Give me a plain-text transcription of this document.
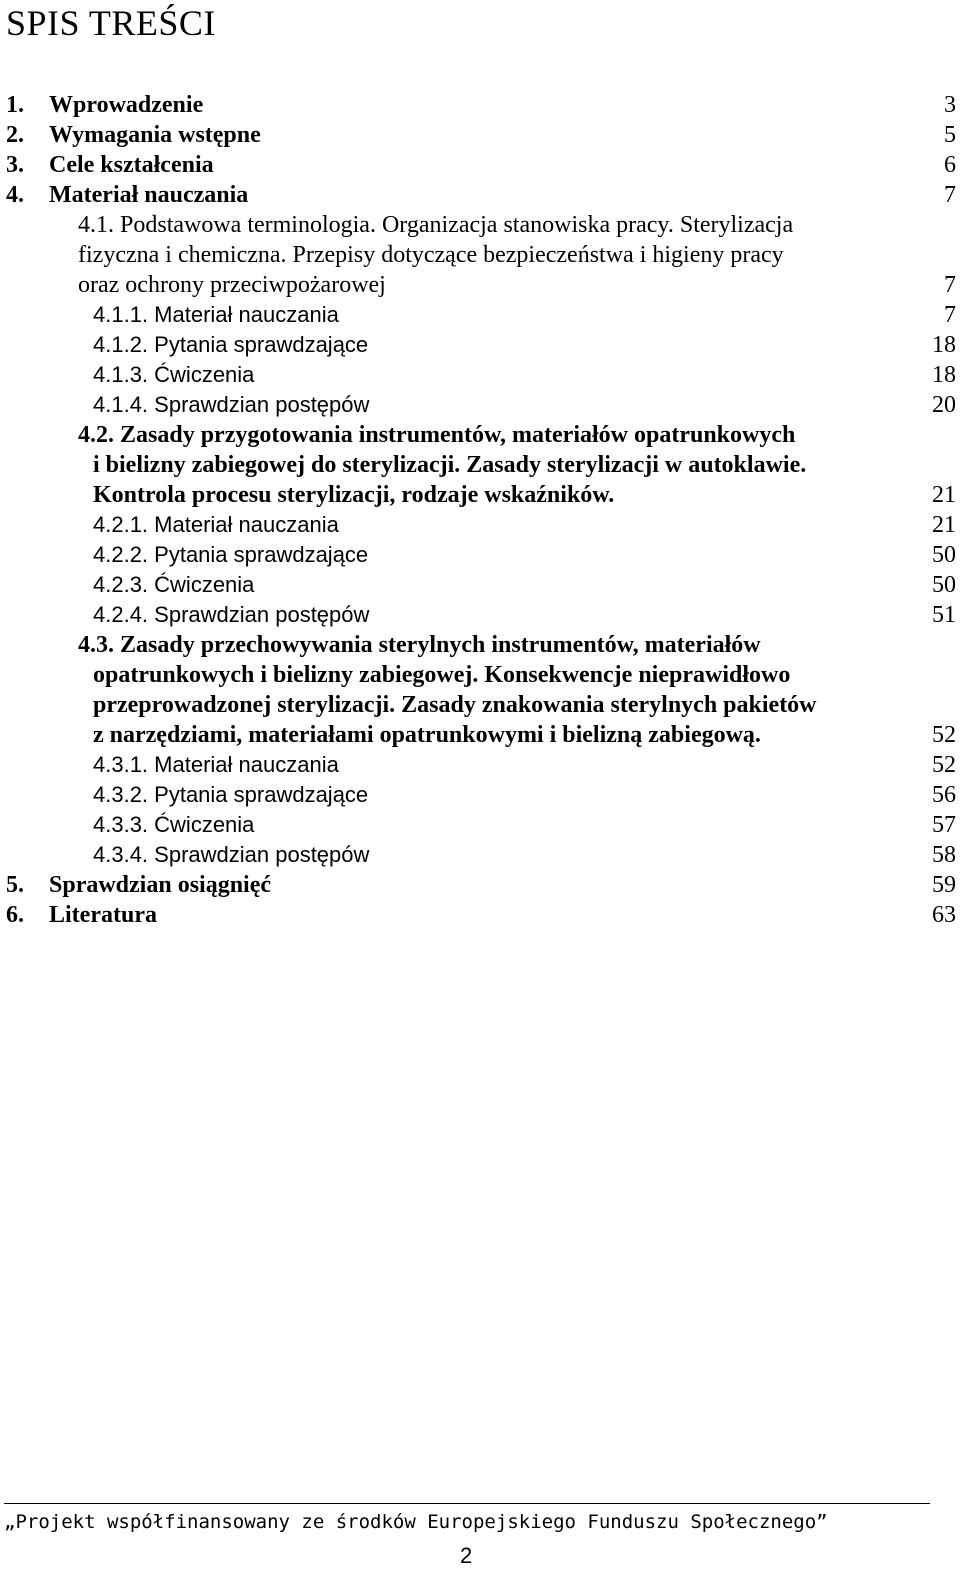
SPIS TREŚCI
1. Wprowadzenie	3
2. Wymagania wstępne	5
3. Cele kształcenia	6
4. Materiał nauczania	7
4.1. Podstawowa terminologia. Organizacja stanowiska pracy. Sterylizacja
fizyczna i chemiczna. Przepisy dotyczące bezpieczeństwa i higieny pracy
oraz ochrony przeciwpożarowej	7
4.1.1. Materiał nauczania	7
4.1.2. Pytania sprawdzające	18
4.1.3. Ćwiczenia	18
4.1.4. Sprawdzian postępów	20
4.2. Zasady przygotowania instrumentów, materiałów opatrunkowych
i bielizny zabiegowej do sterylizacji. Zasady sterylizacji w autoklawie.
Kontrola procesu sterylizacji, rodzaje wskaźników.	21
4.2.1. Materiał nauczania	21
4.2.2. Pytania sprawdzające	50
4.2.3. Ćwiczenia	50
4.2.4. Sprawdzian postępów	51
4.3. Zasady przechowywania sterylnych instrumentów, materiałów
opatrunkowych i bielizny zabiegowej. Konsekwencje nieprawidłowo
przeprowadzonej sterylizacji. Zasady znakowania sterylnych pakietów
z narzędziami, materiałami opatrunkowymi i bielizną zabiegową.	52
4.3.1. Materiał nauczania	52
4.3.2. Pytania sprawdzające	56
4.3.3. Ćwiczenia	57
4.3.4. Sprawdzian postępów	58
5. Sprawdzian osiągnięć	59
6. Literatura	63
„Projekt współfinansowany ze środków Europejskiego Funduszu Społecznego”
2
